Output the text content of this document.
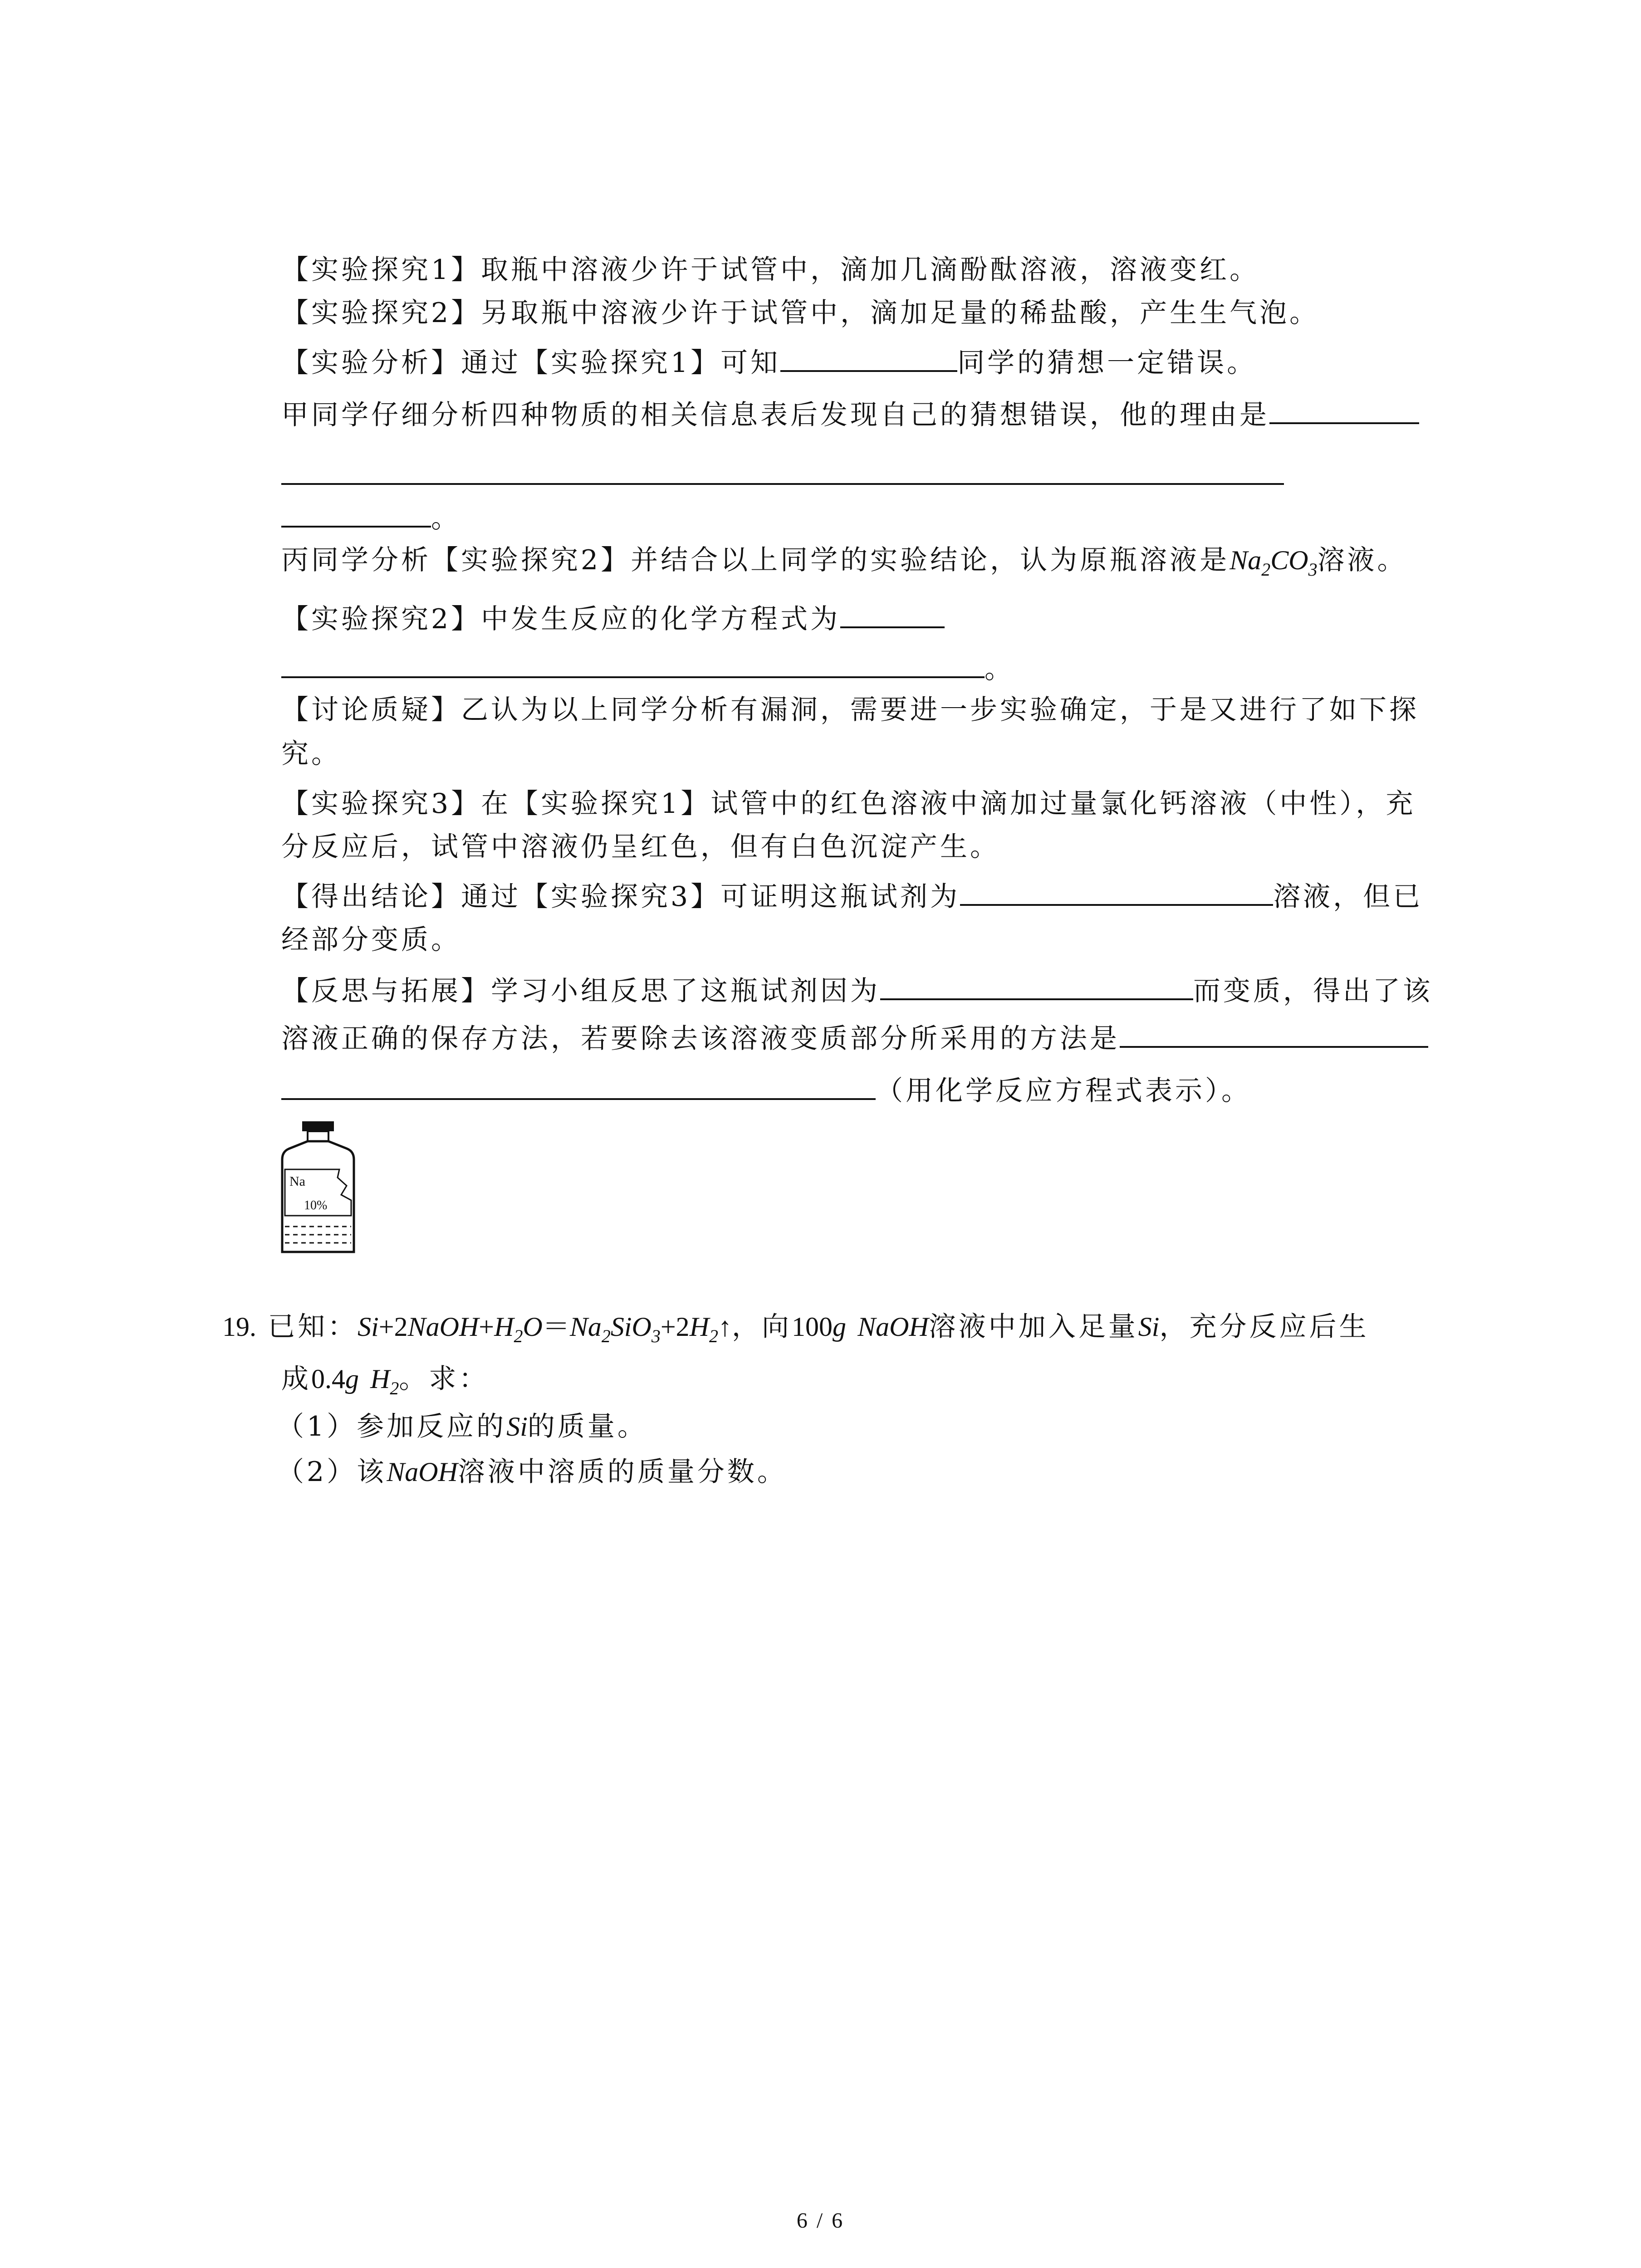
【实验探究1】取瓶中溶液少许于试管中，滴加几滴酚酞溶液，溶液变红。
【实验探究2】另取瓶中溶液少许于试管中，滴加足量的稀盐酸，产生生气泡。
【实验分析】通过【实验探究1】可知	同学的猜想一定错误。
甲同学仔细分析四种物质的相关信息表后发现自己的猜想错误，他的理由是
。
丙同学分析【实验探究2】并结合以上同学的实验结论，认为原瓶溶液是$Na_2CO_3$溶液。
【实验探究2】中发生反应的化学方程式为
。
【讨论质疑】乙认为以上同学分析有漏洞，需要进一步实验确定，于是又进行了如下探
究。
【实验探究3】在【实验探究1】试管中的红色溶液中滴加过量氯化钙溶液（中性），充
分反应后，试管中溶液仍呈红色，但有白色沉淀产生。
【得出结论】通过【实验探究3】可证明这瓶试剂为	溶液，但已
经部分变质。
【反思与拓展】学习小组反思了这瓶试剂因为	而变质，得出了该
溶液正确的保存方法，若要除去该溶液变质部分所采用的方法是
（用化学反应方程式表示）。
Na
10%
19. 已知：$Si+2NaOH+H_2O=Na_2SiO_3+2H_2↑$，向100g NaOH溶液中加入足量Si，充分反应后生
成0.4g $H_2$。求：
（1）参加反应的Si的质量。
（2）该NaOH溶液中溶质的质量分数。
6 / 6
